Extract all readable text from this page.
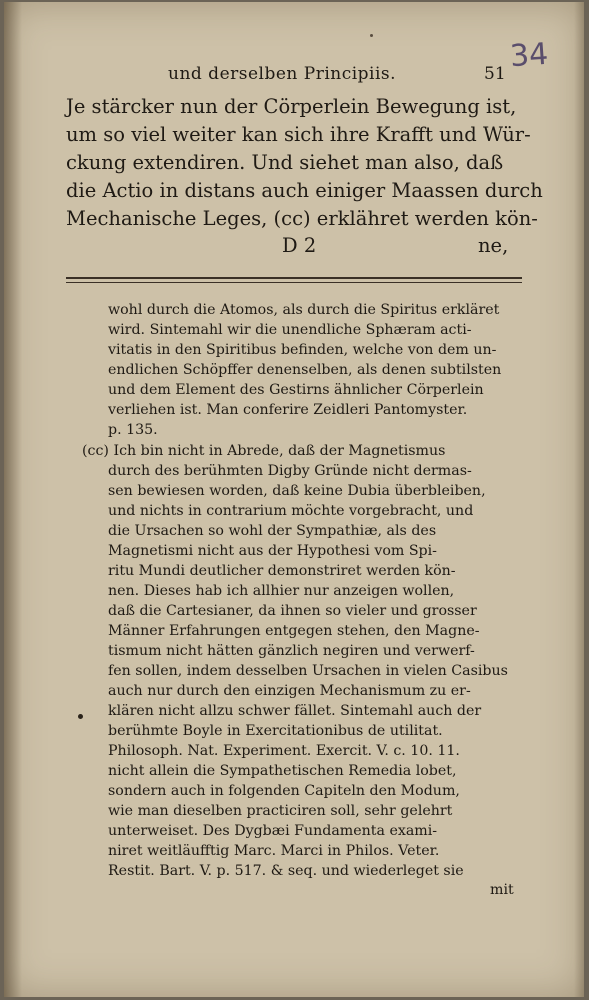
und derselben Principiis.	51 34
Je stärcker nun der Cörperlein Bewegung ist,
um so viel weiter kan sich ihre Krafft und Wür-
ckung extendiren. Und siehet man also, daß
die Actio in distans auch einiger Maassen durch
Mechanische Leges, (cc) erklähret werden kön-
D 2	ne,
wohl durch die Atomos, als durch die Spiritus erkläret
wird. Sintemahl wir die unendliche Sphæram acti-
vitatis in den Spiritibus befinden, welche von dem un-
endlichen Schöpffer denenselben, als denen subtilsten
und dem Element des Gestirns ähnlicher Cörperlein
verliehen ist. Man conferire Zeidleri Pantomyster.
p. 135.
(cc) Ich bin nicht in Abrede, daß der Magnetismus
durch des berühmten Digby Gründe nicht dermas-
sen bewiesen worden, daß keine Dubia überbleiben,
und nichts in contrarium möchte vorgebracht, und
die Ursachen so wohl der Sympathiæ, als des
Magnetismi nicht aus der Hypothesi vom Spi-
ritu Mundi deutlicher demonstriret werden kön-
nen. Dieses hab ich allhier nur anzeigen wollen,
daß die Cartesianer, da ihnen so vieler und grosser
Männer Erfahrungen entgegen stehen, den Magne-
tismum nicht hätten gänzlich negiren und verwerf-
fen sollen, indem desselben Ursachen in vielen Casibus
auch nur durch den einzigen Mechanismum zu er-
klären nicht allzu schwer fället. Sintemahl auch der
berühmte Boyle in Exercitationibus de utilitat.
Philosoph. Nat. Experiment. Exercit. V. c. 10. 11.
nicht allein die Sympathetischen Remedia lobet,
sondern auch in folgenden Capiteln den Modum,
wie man dieselben practiciren soll, sehr gelehrt
unterweiset. Des Dygbæi Fundamenta exami-
niret weitläufftig Marc. Marci in Philos. Veter.
Restit. Bart. V. p. 517. & seq. und wiederleget sie
mit
